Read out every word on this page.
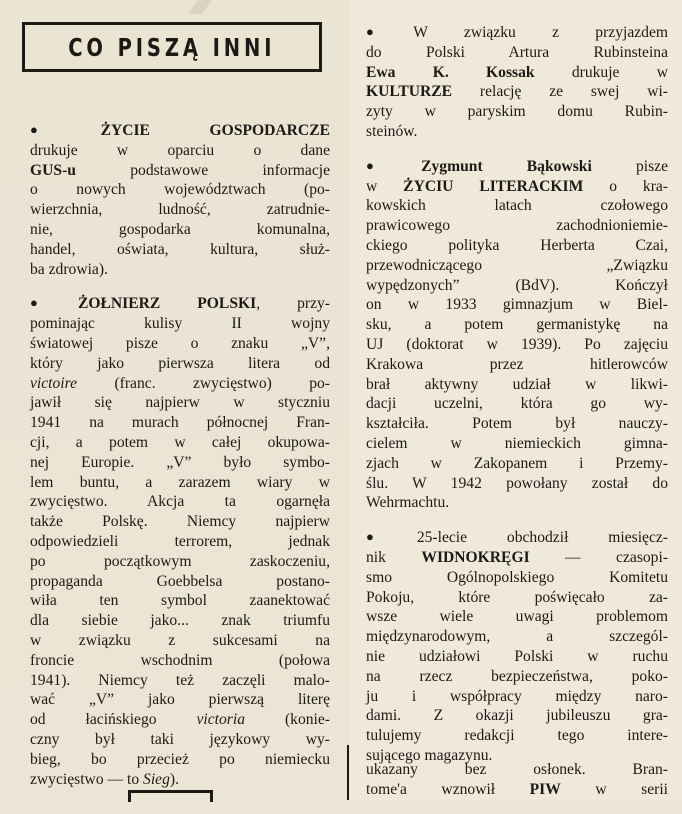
CO PISZĄ INNI

● ŻYCIE GOSPODARCZE
drukuje w oparciu o dane
GUS-u podstawowe informacje
o nowych województwach (po-
wierzchnia, ludność, zatrudnie-
nie, gospodarka komunalna,
handel, oświata, kultura, służ-
ba zdrowia).

● ŻOŁNIERZ POLSKI, przy-
pominając kulisy II wojny
światowej pisze o znaku „V”,
który jako pierwsza litera od
victoire (franc. zwycięstwo) po-
jawił się najpierw w styczniu
1941 na murach północnej Fran-
cji, a potem w całej okupowa-
nej Europie. „V” było symbo-
lem buntu, a zarazem wiary w
zwycięstwo. Akcja ta ogarnęła
także Polskę. Niemcy najpierw
odpowiedzieli terrorem, jednak
po początkowym zaskoczeniu,
propaganda Goebbelsa postano-
wiła ten symbol zaanektować
dla siebie jako... znak triumfu
w związku z sukcesami na
froncie wschodnim (połowa
1941). Niemcy też zaczęli malo-
wać „V” jako pierwszą literę
od łacińskiego victoria (konie-
czny był taki językowy wy-
bieg, bo przecież po niemiecku
zwycięstwo — to Sieg).

● W związku z przyjazdem
do Polski Artura Rubinsteina
Ewa K. Kossak drukuje w
KULTURZE relację ze swej wi-
zyty w paryskim domu Rubin-
steinów.

● Zygmunt Bąkowski pisze
w ŻYCIU LITERACKIM o kra-
kowskich latach czołowego
prawicowego zachodnioniemie-
ckiego polityka Herberta Czai,
przewodniczącego „Związku
wypędzonych” (BdV). Kończył
on w 1933 gimnazjum w Biel-
sku, a potem germanistykę na
UJ (doktorat w 1939). Po zajęciu
Krakowa przez hitlerowców
brał aktywny udział w likwi-
dacji uczelni, która go wy-
kształciła. Potem był nauczy-
cielem w niemieckich gimna-
zjach w Zakopanem i Przemy-
ślu. W 1942 powołany został do
Wehrmachtu.

● 25-lecie obchodził miesięcz-
nik WIDNOKRĘGI — czasopi-
smo Ogólnopolskiego Komitetu
Pokoju, które poświęcało za-
wsze wiele uwagi problemom
międzynarodowym, a szczegól-
nie udziałowi Polski w ruchu
na rzecz bezpieczeństwa, poko-
ju i współpracy między naro-
dami. Z okazji jubileuszu gra-
tulujemy redakcji tego intere-
sującego magazynu.

ukazany bez osłonek. Bran-
tome'a wznowił PIW w serii
